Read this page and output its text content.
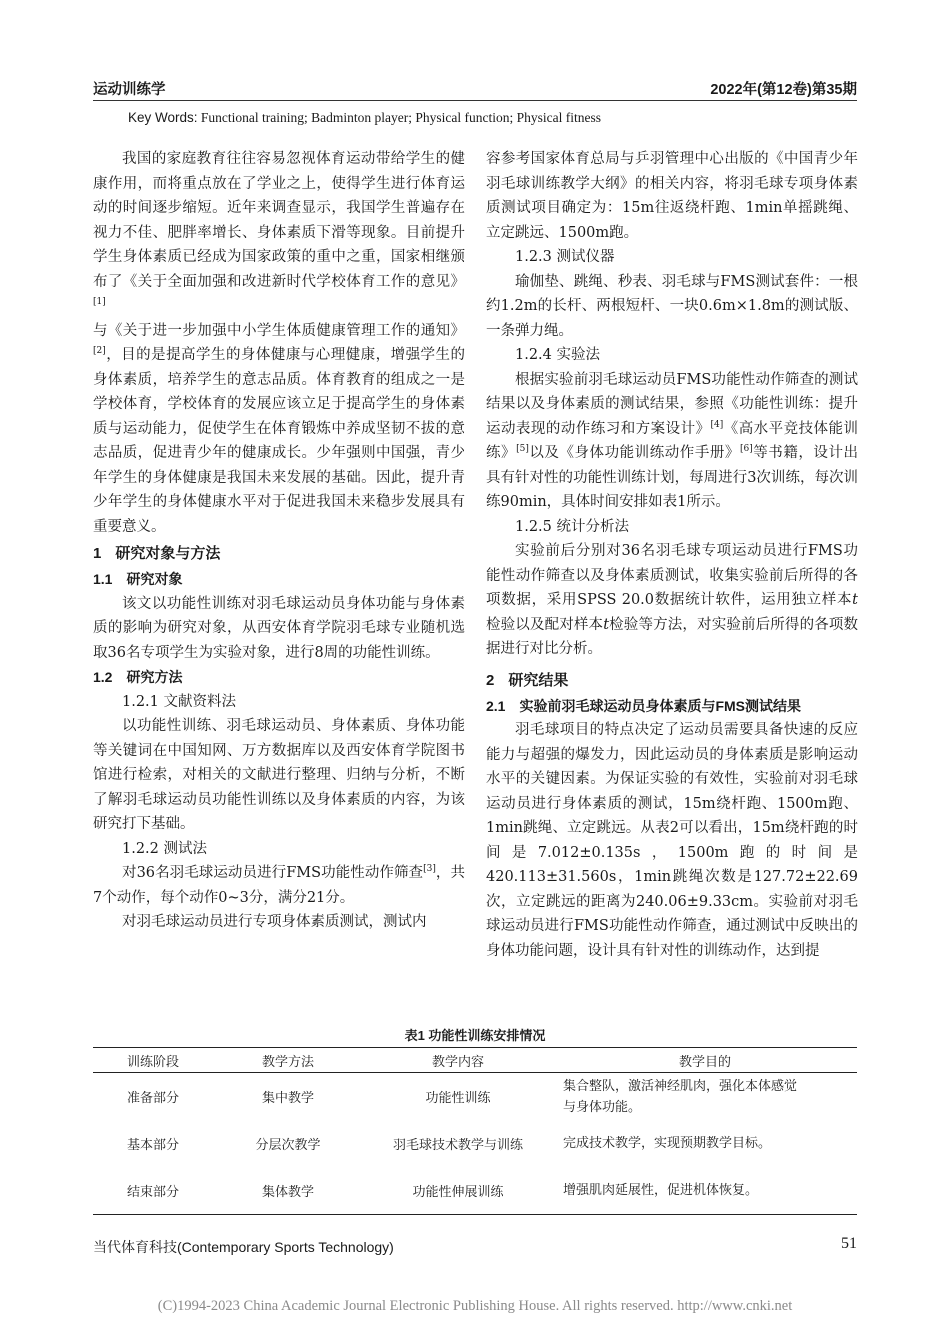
运动训练学	2022年(第12卷)第35期
Key Words: Functional training; Badminton player; Physical function; Physical fitness

我国的家庭教育往往容易忽视体育运动带给学生的健康作用，而将重点放在了学业之上，使得学生进行体育运动的时间逐步缩短。近年来调查显示，我国学生普遍存在视力不佳、肥胖率增长、身体素质下滑等现象。目前提升学生身体素质已经成为国家政策的重中之重，国家相继颁布了《关于全面加强和改进新时代学校体育工作的意见》[1]与《关于进一步加强中小学生体质健康管理工作的通知》[2]，目的是提高学生的身体健康与心理健康，增强学生的身体素质，培养学生的意志品质。体育教育的组成之一是学校体育，学校体育的发展应该立足于提高学生的身体素质与运动能力，促使学生在体育锻炼中养成坚韧不拔的意志品质，促进青少年的健康成长。少年强则中国强，青少年学生的身体健康是我国未来发展的基础。因此，提升青少年学生的身体健康水平对于促进我国未来稳步发展具有重要意义。

1 研究对象与方法
1.1 研究对象

该文以功能性训练对羽毛球运动员身体功能与身体素质的影响为研究对象，从西安体育学院羽毛球专业随机选取36名专项学生为实验对象，进行8周的功能性训练。

1.2 研究方法

1.2.1 文献资料法

以功能性训练、羽毛球运动员、身体素质、身体功能等关键词在中国知网、万方数据库以及西安体育学院图书馆进行检索，对相关的文献进行整理、归纳与分析，不断了解羽毛球运动员功能性训练以及身体素质的内容，为该研究打下基础。

1.2.2 测试法

对36名羽毛球运动员进行FMS功能性动作筛查[3]，共7个动作，每个动作0~3分，满分21分。

对羽毛球运动员进行专项身体素质测试，测试内

容参考国家体育总局与乒羽管理中心出版的《中国青少年羽毛球训练教学大纲》的相关内容，将羽毛球专项身体素质测试项目确定为：15m往返绕杆跑、1min单摇跳绳、立定跳远、1500m跑。

1.2.3 测试仪器

瑜伽垫、跳绳、秒表、羽毛球与FMS测试套件：一根约1.2m的长杆、两根短杆、一块0.6m×1.8m的测试版、一条弹力绳。

1.2.4 实验法

根据实验前羽毛球运动员FMS功能性动作筛查的测试结果以及身体素质的测试结果，参照《功能性训练：提升运动表现的动作练习和方案设计》[4]《高水平竞技体能训练》[5]以及《身体功能训练动作手册》[6]等书籍，设计出具有针对性的功能性训练计划，每周进行3次训练，每次训练90min，具体时间安排如表1所示。

1.2.5 统计分析法

实验前后分别对36名羽毛球专项运动员进行FMS功能性动作筛查以及身体素质测试，收集实验前后所得的各项数据，采用SPSS 20.0数据统计软件，运用独立样本t检验以及配对样本t检验等方法，对实验前后所得的各项数据进行对比分析。

2 研究结果
2.1 实验前羽毛球运动员身体素质与FMS测试结果

羽毛球项目的特点决定了运动员需要具备快速的反应能力与超强的爆发力，因此运动员的身体素质是影响运动水平的关键因素。为保证实验的有效性，实验前对羽毛球运动员进行身体素质的测试，15m绕杆跑、1500m跑、1min跳绳、立定跳远。从表2可以看出，15m绕杆跑的时间是7.012±0.135s，1500m跑的时间是420.113±31.560s，1min跳绳次数是127.72±22.69次，立定跳远的距离为240.06±9.33cm。实验前对羽毛球运动员进行FMS功能性动作筛查，通过测试中反映出的身体功能问题，设计具有针对性的训练动作，达到提

表1 功能性训练安排情况
训练阶段	教学方法	教学内容	教学目的
准备部分	集中教学	功能性训练	集合整队，激活神经肌肉，强化本体感觉
与身体功能。

基本部分	分层次教学	羽毛球技术教学与训练	完成技术教学，实现预期教学目标。

结束部分	集体教学	功能性伸展训练	增强肌肉延展性，促进机体恢复。
当代体育科技(Contemporary Sports Technology)	51
(C)1994-2023 China Academic Journal Electronic Publishing House. All rights reserved. http://www.cnki.net
